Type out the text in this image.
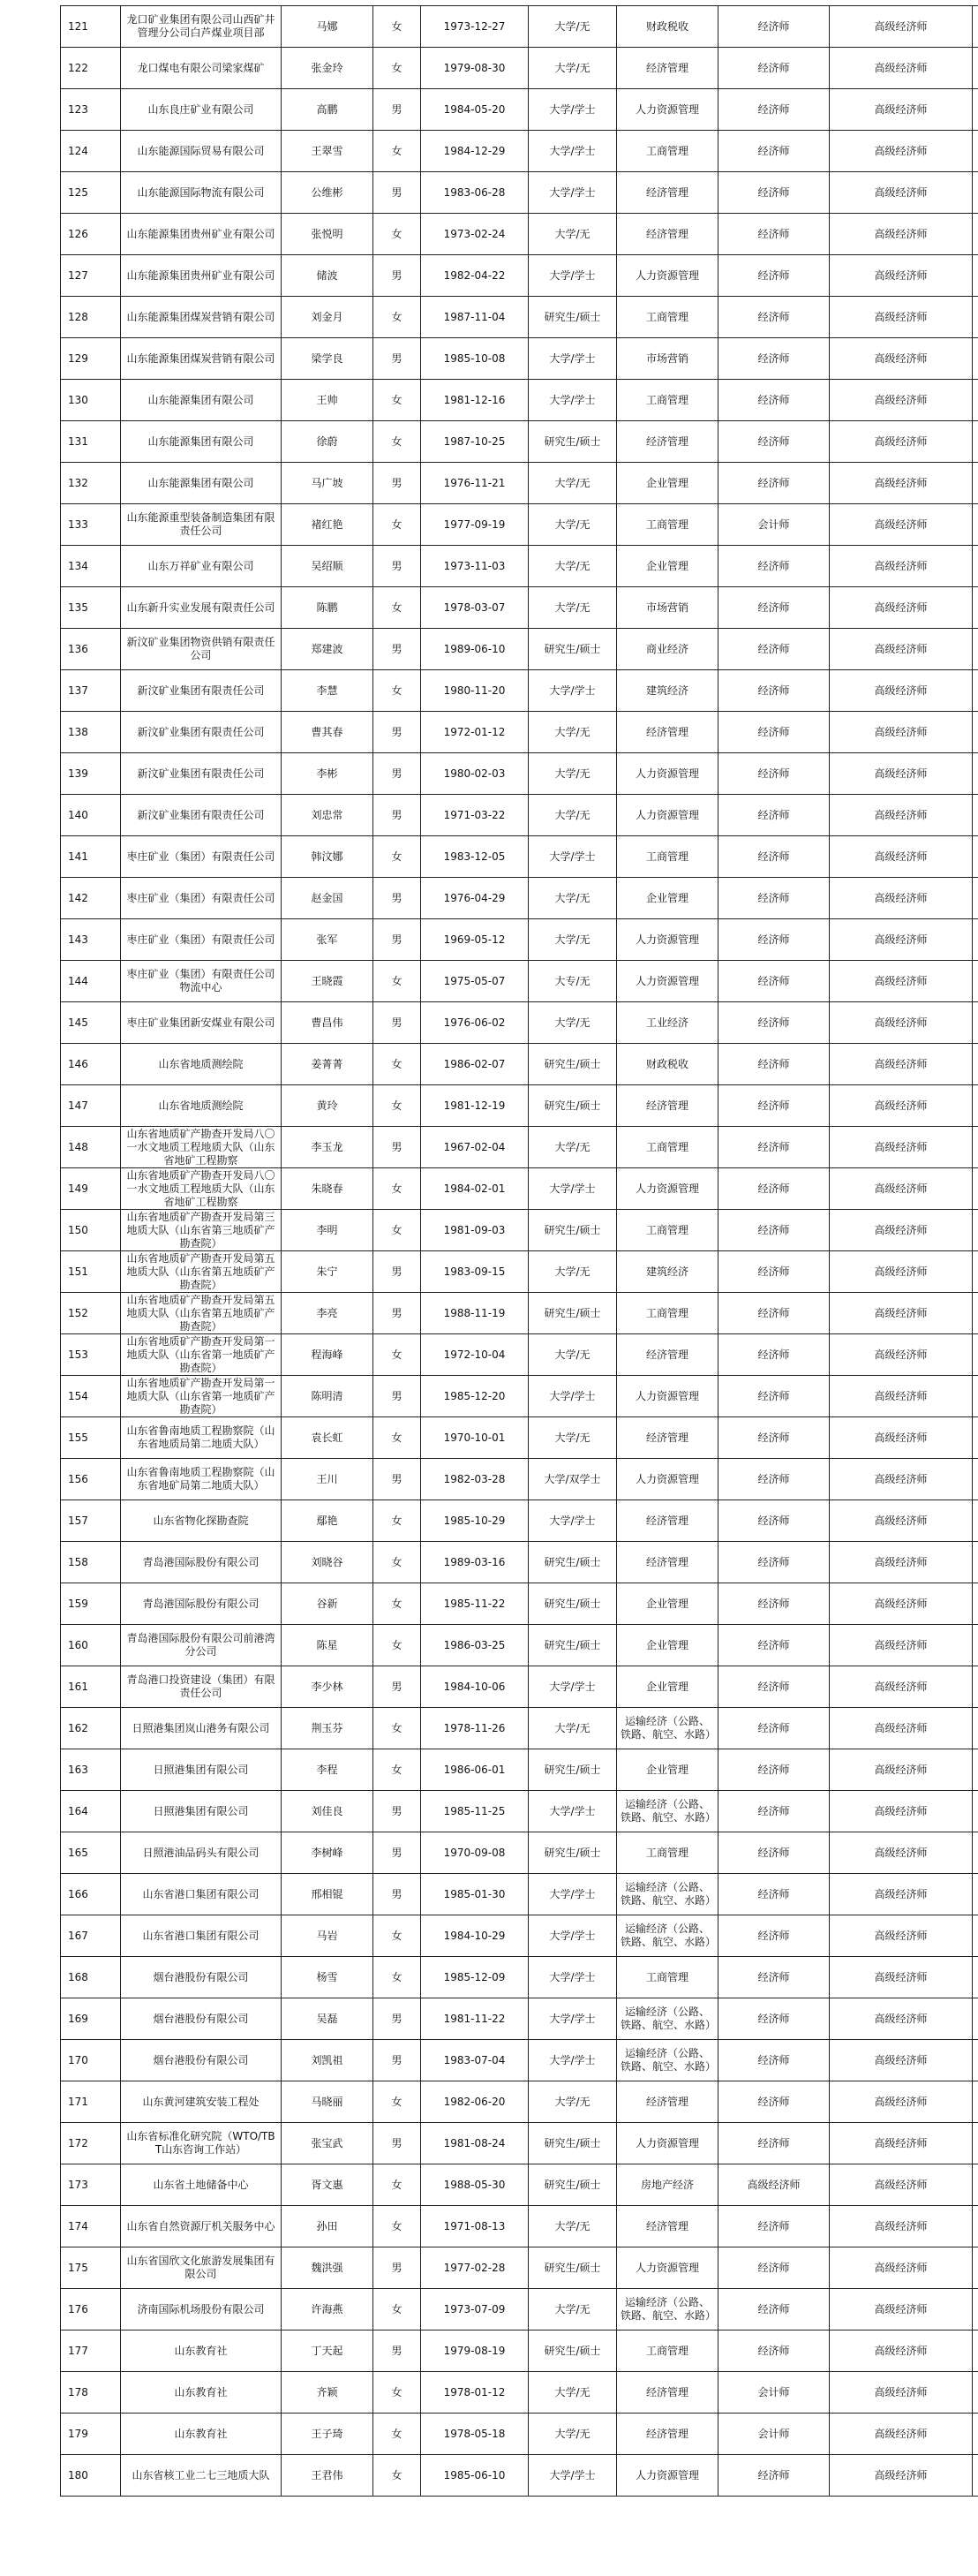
121	龙口矿业集团有限公司山西矿井管理分公司白芦煤业项目部	马娜	女	1973-12-27	大学/无	财政税收	经济师	高级经济师	
122	龙口煤电有限公司梁家煤矿	张金玲	女	1979-08-30	大学/无	经济管理	经济师	高级经济师	
123	山东良庄矿业有限公司	高鹏	男	1984-05-20	大学/学士	人力资源管理	经济师	高级经济师	
124	山东能源国际贸易有限公司	王翠雪	女	1984-12-29	大学/学士	工商管理	经济师	高级经济师	
125	山东能源国际物流有限公司	公维彬	男	1983-06-28	大学/学士	经济管理	经济师	高级经济师	
126	山东能源集团贵州矿业有限公司	张悦明	女	1973-02-24	大学/无	经济管理	经济师	高级经济师	
127	山东能源集团贵州矿业有限公司	储波	男	1982-04-22	大学/学士	人力资源管理	经济师	高级经济师	
128	山东能源集团煤炭营销有限公司	刘金月	女	1987-11-04	研究生/硕士	工商管理	经济师	高级经济师	
129	山东能源集团煤炭营销有限公司	梁学良	男	1985-10-08	大学/学士	市场营销	经济师	高级经济师	
130	山东能源集团有限公司	王帅	女	1981-12-16	大学/学士	工商管理	经济师	高级经济师	
131	山东能源集团有限公司	徐蔚	女	1987-10-25	研究生/硕士	经济管理	经济师	高级经济师	
132	山东能源集团有限公司	马广坡	男	1976-11-21	大学/无	企业管理	经济师	高级经济师	
133	山东能源重型装备制造集团有限责任公司	褚红艳	女	1977-09-19	大学/无	工商管理	会计师	高级经济师	
134	山东万祥矿业有限公司	吴绍顺	男	1973-11-03	大学/无	企业管理	经济师	高级经济师	
135	山东新升实业发展有限责任公司	陈鹏	女	1978-03-07	大学/无	市场营销	经济师	高级经济师	
136	新汶矿业集团物资供销有限责任公司	郑建波	男	1989-06-10	研究生/硕士	商业经济	经济师	高级经济师	
137	新汶矿业集团有限责任公司	李慧	女	1980-11-20	大学/学士	建筑经济	经济师	高级经济师	
138	新汶矿业集团有限责任公司	曹其春	男	1972-01-12	大学/无	经济管理	经济师	高级经济师	
139	新汶矿业集团有限责任公司	李彬	男	1980-02-03	大学/无	人力资源管理	经济师	高级经济师	
140	新汶矿业集团有限责任公司	刘忠常	男	1971-03-22	大学/无	人力资源管理	经济师	高级经济师	
141	枣庄矿业（集团）有限责任公司	韩汶娜	女	1983-12-05	大学/学士	工商管理	经济师	高级经济师	
142	枣庄矿业（集团）有限责任公司	赵金国	男	1976-04-29	大学/无	企业管理	经济师	高级经济师	
143	枣庄矿业（集团）有限责任公司	张军	男	1969-05-12	大学/无	人力资源管理	经济师	高级经济师	
144	枣庄矿业（集团）有限责任公司物流中心	王晓霞	女	1975-05-07	大专/无	人力资源管理	经济师	高级经济师	
145	枣庄矿业集团新安煤业有限公司	曹昌伟	男	1976-06-02	大学/无	工业经济	经济师	高级经济师	
146	山东省地质测绘院	姜菁菁	女	1986-02-07	研究生/硕士	财政税收	经济师	高级经济师	
147	山东省地质测绘院	黄玲	女	1981-12-19	研究生/硕士	经济管理	经济师	高级经济师	
148	山东省地质矿产勘查开发局八〇一水文地质工程地质大队（山东省地矿工程勘察	李玉龙	男	1967-02-04	大学/无	工商管理	经济师	高级经济师	
149	山东省地质矿产勘查开发局八〇一水文地质工程地质大队（山东省地矿工程勘察	朱晓春	女	1984-02-01	大学/学士	人力资源管理	经济师	高级经济师	
150	山东省地质矿产勘查开发局第三地质大队（山东省第三地质矿产勘查院）	李明	女	1981-09-03	研究生/硕士	工商管理	经济师	高级经济师	
151	山东省地质矿产勘查开发局第五地质大队（山东省第五地质矿产勘查院）	朱宁	男	1983-09-15	大学/无	建筑经济	经济师	高级经济师	
152	山东省地质矿产勘查开发局第五地质大队（山东省第五地质矿产勘查院）	李亮	男	1988-11-19	研究生/硕士	工商管理	经济师	高级经济师	
153	山东省地质矿产勘查开发局第一地质大队（山东省第一地质矿产勘查院）	程海峰	女	1972-10-04	大学/无	经济管理	经济师	高级经济师	
154	山东省地质矿产勘查开发局第一地质大队（山东省第一地质矿产勘查院）	陈明清	男	1985-12-20	大学/学士	人力资源管理	经济师	高级经济师	
155	山东省鲁南地质工程勘察院（山东省地质局第二地质大队）	袁长虹	女	1970-10-01	大学/无	经济管理	经济师	高级经济师	
156	山东省鲁南地质工程勘察院（山东省地矿局第二地质大队）	王川	男	1982-03-28	大学/双学士	人力资源管理	经济师	高级经济师	
157	山东省物化探勘查院	鄢艳	女	1985-10-29	大学/学士	经济管理	经济师	高级经济师	
158	青岛港国际股份有限公司	刘晓谷	女	1989-03-16	研究生/硕士	经济管理	经济师	高级经济师	
159	青岛港国际股份有限公司	谷新	女	1985-11-22	研究生/硕士	企业管理	经济师	高级经济师	
160	青岛港国际股份有限公司前港湾分公司	陈星	女	1986-03-25	研究生/硕士	企业管理	经济师	高级经济师	
161	青岛港口投资建设（集团）有限责任公司	李少林	男	1984-10-06	大学/学士	企业管理	经济师	高级经济师	
162	日照港集团岚山港务有限公司	荆玉芬	女	1978-11-26	大学/无	运输经济（公路、铁路、航空、水路）	经济师	高级经济师	
163	日照港集团有限公司	李程	女	1986-06-01	研究生/硕士	企业管理	经济师	高级经济师	
164	日照港集团有限公司	刘佳良	男	1985-11-25	大学/学士	运输经济（公路、铁路、航空、水路）	经济师	高级经济师	
165	日照港油品码头有限公司	李树峰	男	1970-09-08	研究生/硕士	工商管理	经济师	高级经济师	
166	山东省港口集团有限公司	邢相锟	男	1985-01-30	大学/学士	运输经济（公路、铁路、航空、水路）	经济师	高级经济师	
167	山东省港口集团有限公司	马岩	女	1984-10-29	大学/学士	运输经济（公路、铁路、航空、水路）	经济师	高级经济师	
168	烟台港股份有限公司	杨雪	女	1985-12-09	大学/学士	工商管理	经济师	高级经济师	
169	烟台港股份有限公司	吴磊	男	1981-11-22	大学/学士	运输经济（公路、铁路、航空、水路）	经济师	高级经济师	
170	烟台港股份有限公司	刘凯祖	男	1983-07-04	大学/学士	运输经济（公路、铁路、航空、水路）	经济师	高级经济师	
171	山东黄河建筑安装工程处	马晓丽	女	1982-06-20	大学/无	经济管理	经济师	高级经济师	
172	山东省标准化研究院（WTO/TBT山东咨询工作站）	张宝武	男	1981-08-24	研究生/硕士	人力资源管理	经济师	高级经济师	
173	山东省土地储备中心	胥文惠	女	1988-05-30	研究生/硕士	房地产经济	高级经济师	高级经济师	
174	山东省自然资源厅机关服务中心	孙田	女	1971-08-13	大学/无	经济管理	经济师	高级经济师	
175	山东省国欣文化旅游发展集团有限公司	魏洪强	男	1977-02-28	研究生/硕士	人力资源管理	经济师	高级经济师	
176	济南国际机场股份有限公司	许海燕	女	1973-07-09	大学/无	运输经济（公路、铁路、航空、水路）	经济师	高级经济师	
177	山东教育社	丁天起	男	1979-08-19	研究生/硕士	工商管理	经济师	高级经济师	
178	山东教育社	齐颖	女	1978-01-12	大学/无	经济管理	会计师	高级经济师	
179	山东教育社	王子琦	女	1978-05-18	大学/无	经济管理	会计师	高级经济师	
180	山东省核工业二七三地质大队	王君伟	女	1985-06-10	大学/学士	人力资源管理	经济师	高级经济师	
